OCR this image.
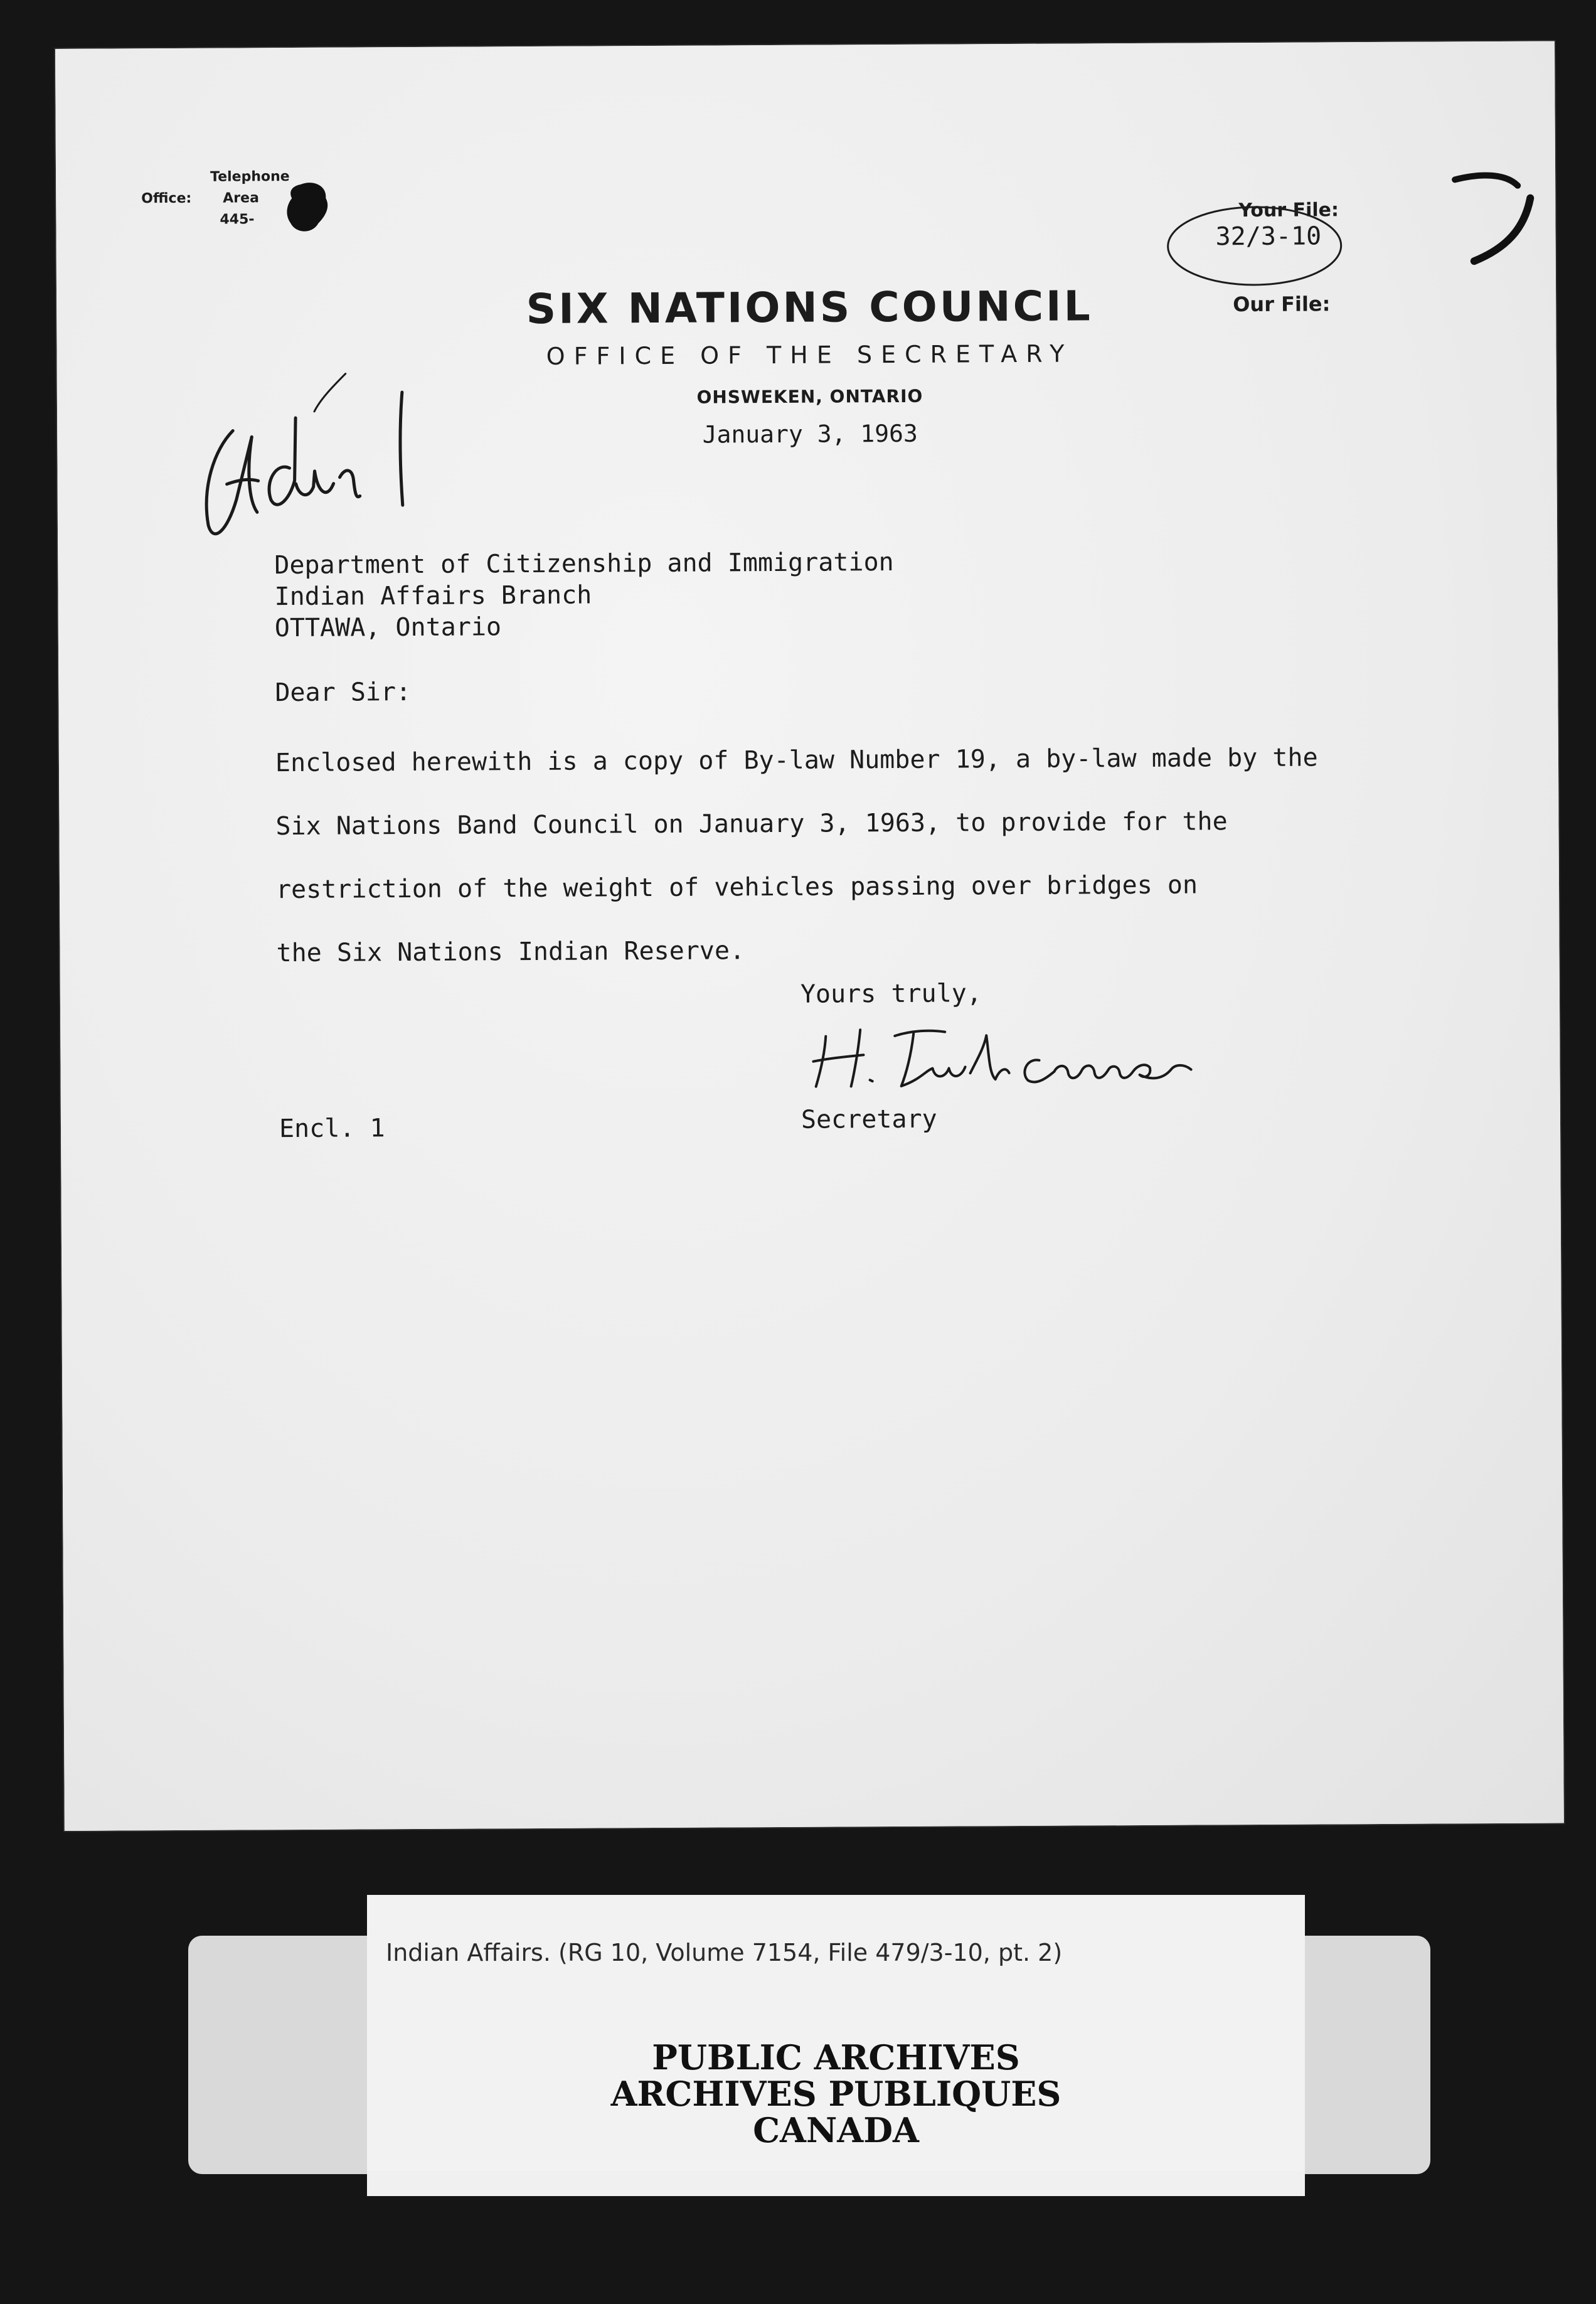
Telephone
Office: Area
445-
SIX NATIONS COUNCIL
OFFICE OF THE SECRETARY
OHSWEKEN, ONTARIO
January 3, 1963
Your File:
32/3-10
Our File:
Department of Citizenship and Immigration
Indian Affairs Branch
OTTAWA, Ontario
Dear Sir:
Enclosed herewith is a copy of By-law Number 19, a by-law made by the
Six Nations Band Council on January 3, 1963, to provide for the
restriction of the weight of vehicles passing over bridges on
the Six Nations Indian Reserve.
Yours truly,
Secretary
Encl. 1
Indian Affairs. (RG 10, Volume 7154, File 479/3-10, pt. 2)
PUBLIC ARCHIVES
ARCHIVES PUBLIQUES
CANADA
